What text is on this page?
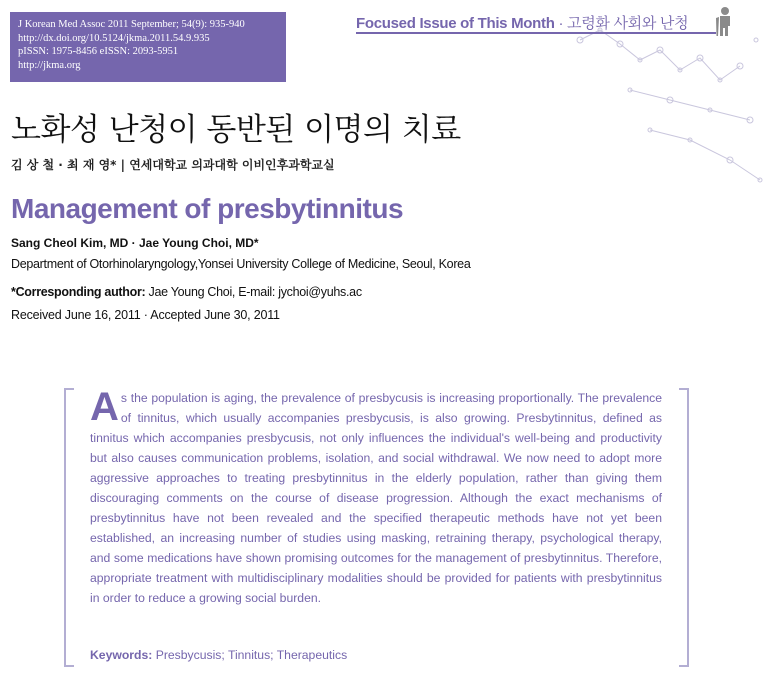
J Korean Med Assoc 2011 September; 54(9): 935-940
http://dx.doi.org/10.5124/jkma.2011.54.9.935
pISSN: 1975-8456 eISSN: 2093-5951
http://jkma.org
Focused Issue of This Month · 고령화 사회와 난청
노화성 난청이 동반된 이명의 치료
김 상 철 · 최 재 영* | 연세대학교 의과대학 이비인후과학교실
Management of presbytinnitus
Sang Cheol Kim, MD · Jae Young Choi, MD*
Department of Otorhinolaryngology,Yonsei University College of Medicine, Seoul, Korea
*Corresponding author: Jae Young Choi, E-mail: jychoi@yuhs.ac
Received June 16, 2011 · Accepted June 30, 2011
As the population is aging, the prevalence of presbycusis is increasing proportionally. The prevalence of tinnitus, which usually accompanies presbycusis, is also growing. Presbytinnitus, defined as tinnitus which accompanies presbycusis, not only influences the individual's well-being and productivity but also causes communication problems, isolation, and social withdrawal. We now need to adopt more aggressive approaches to treating presbytinnitus in the elderly population, rather than giving them discouraging comments on the course of disease progression. Although the exact mechanisms of presbytinnitus have not been revealed and the specified therapeutic methods have not yet been established, an increasing number of studies using masking, retraining therapy, psychological therapy, and some medications have shown promising outcomes for the management of presbytinnitus. Therefore, appropriate treatment with multidisciplinary modalities should be provided for patients with presbytinnitus in order to reduce a growing social burden.
Keywords: Presbycusis; Tinnitus; Therapeutics
